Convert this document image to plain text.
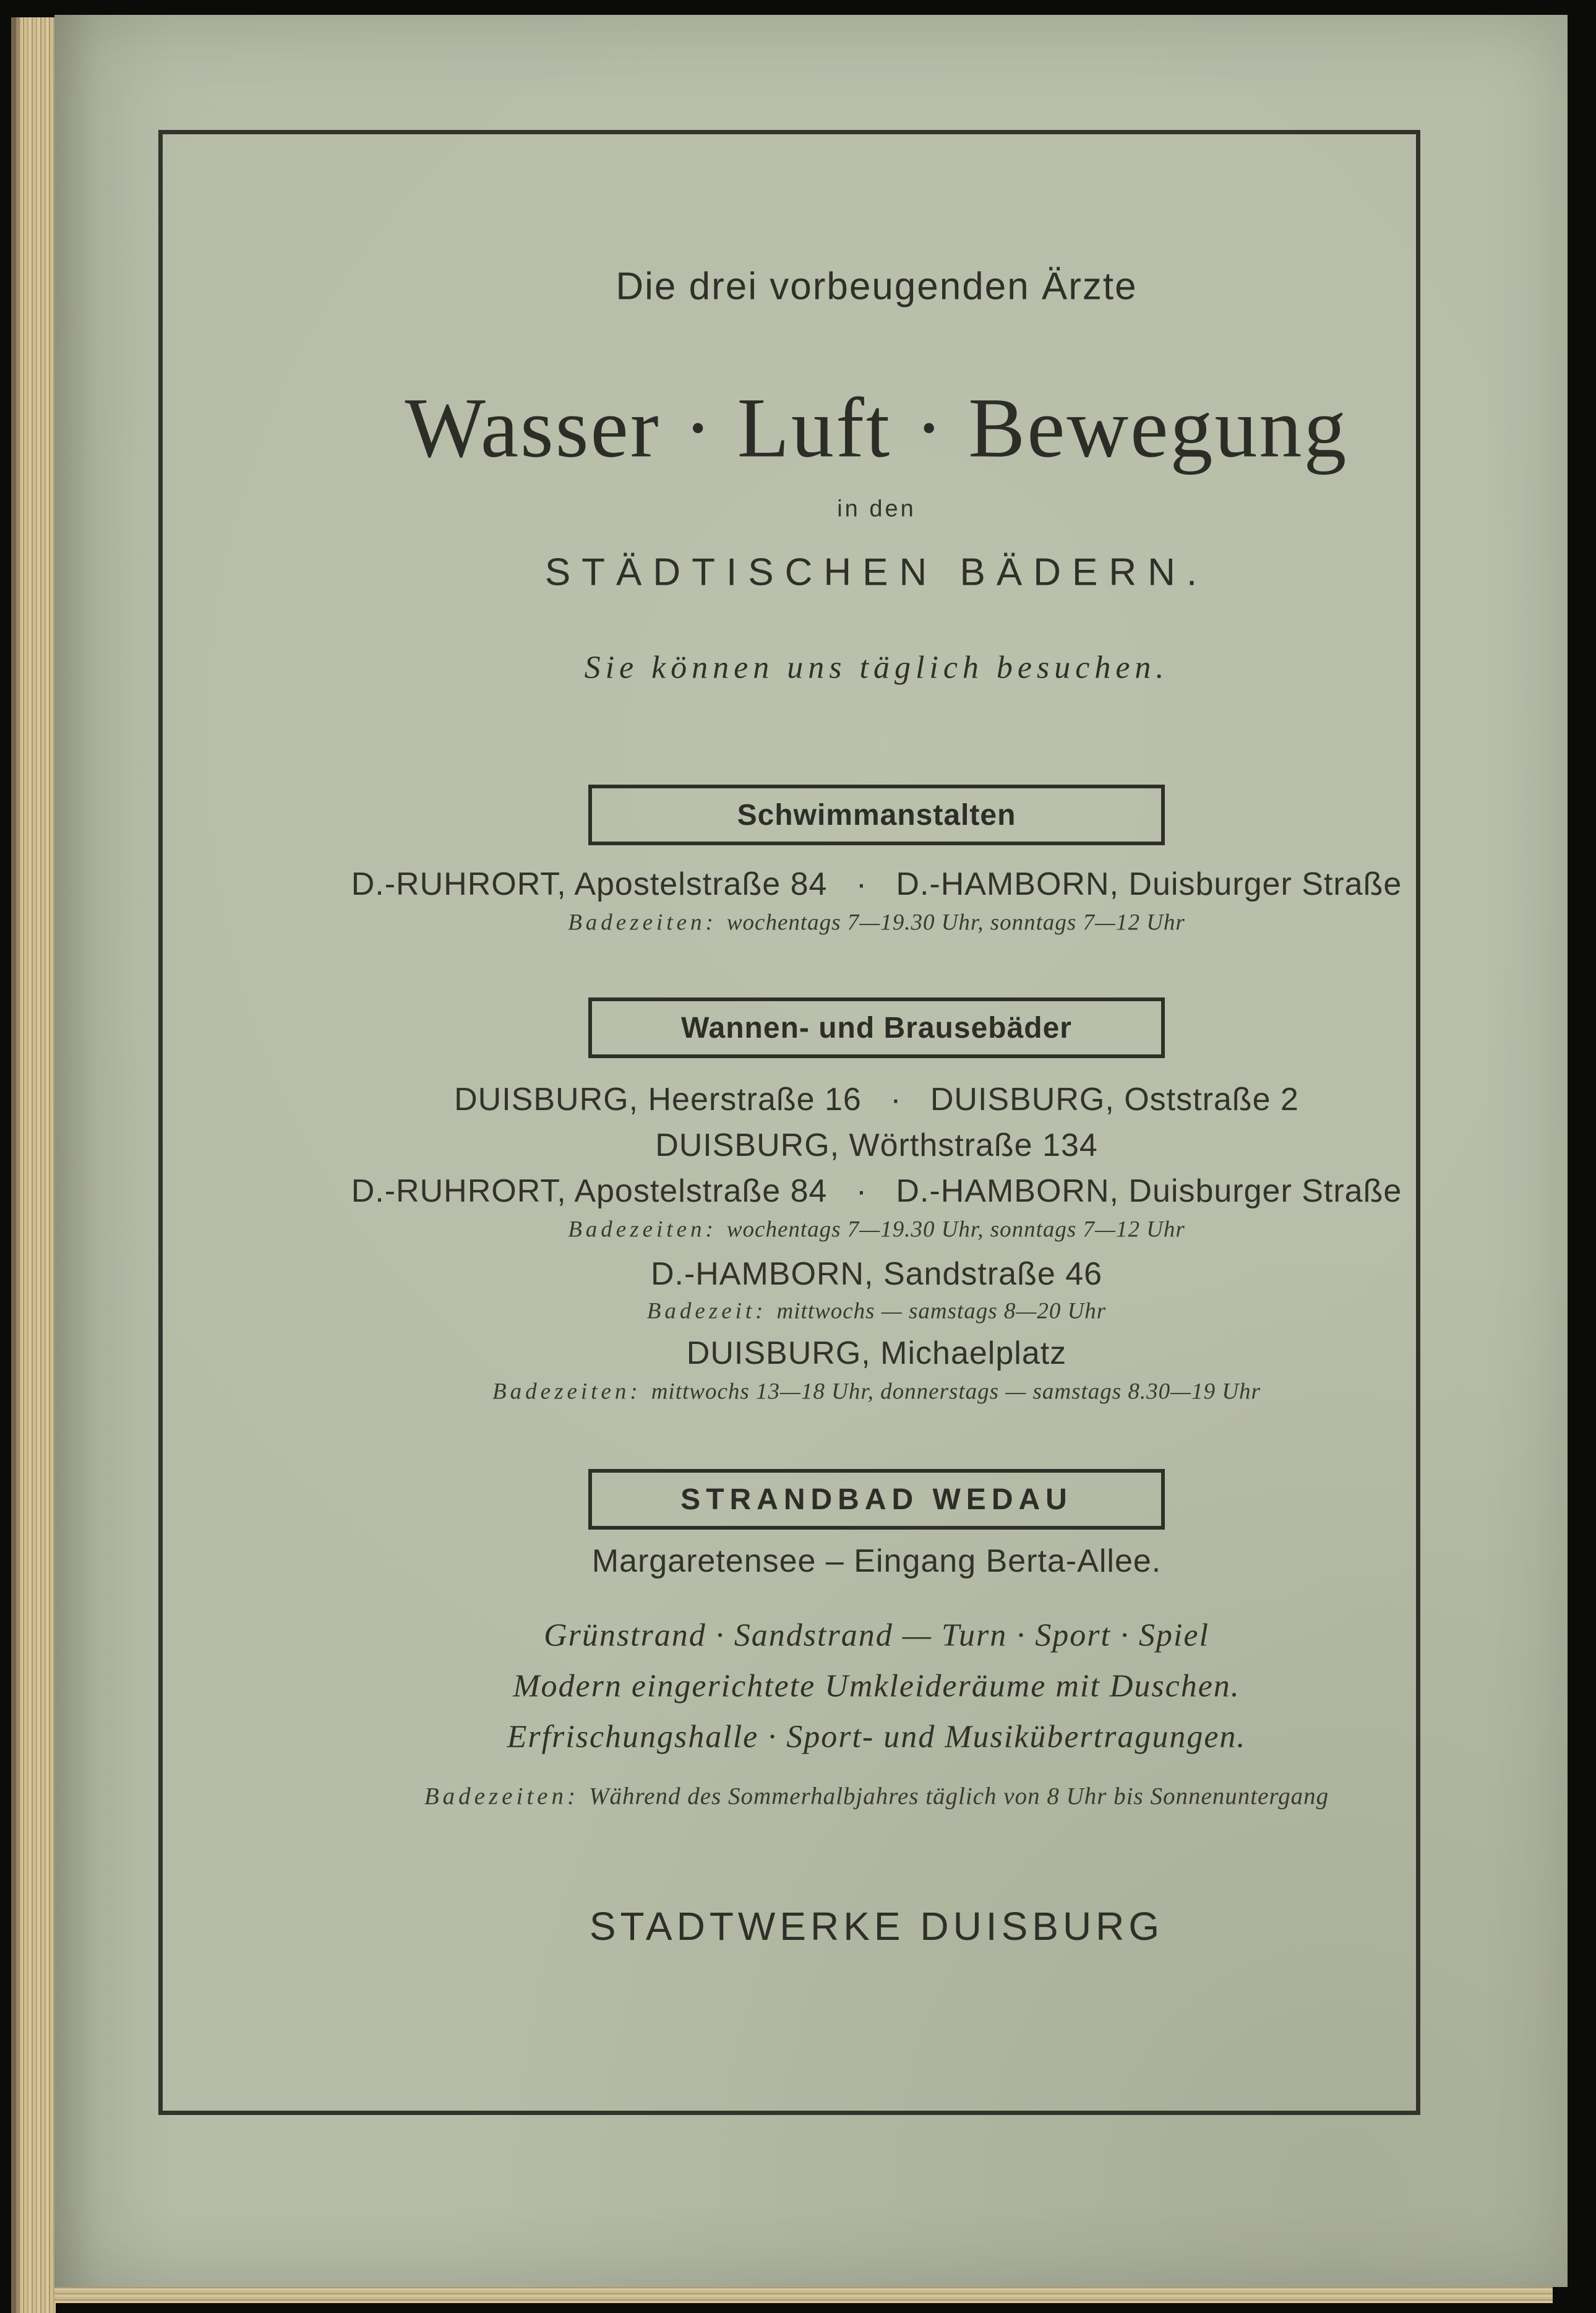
Die drei vorbeugenden Ärzte
Wasser · Luft · Bewegung
in den
STÄDTISCHEN BÄDERN.
Sie können uns täglich besuchen.
Schwimmanstalten
D.-RUHRORT, Apostelstraße 84   ·   D.-HAMBORN, Duisburger Straße
Badezeiten: wochentags 7—19.30 Uhr, sonntags 7—12 Uhr
Wannen- und Brausebäder
DUISBURG, Heerstraße 16   ·   DUISBURG, Oststraße 2
DUISBURG, Wörthstraße 134
D.-RUHRORT, Apostelstraße 84   ·   D.-HAMBORN, Duisburger Straße
Badezeiten: wochentags 7—19.30 Uhr, sonntags 7—12 Uhr
D.-HAMBORN, Sandstraße 46
Badezeit: mittwochs — samstags 8—20 Uhr
DUISBURG, Michaelplatz
Badezeiten: mittwochs 13—18 Uhr, donnerstags — samstags 8.30—19 Uhr
STRANDBAD WEDAU
Margaretensee – Eingang Berta-Allee.
Grünstrand · Sandstrand — Turn · Sport · Spiel
Modern eingerichtete Umkleideräume mit Duschen.
Erfrischungshalle · Sport- und Musikübertragungen.
Badezeiten: Während des Sommerhalbjahres täglich von 8 Uhr bis Sonnenuntergang
STADTWERKE DUISBURG
